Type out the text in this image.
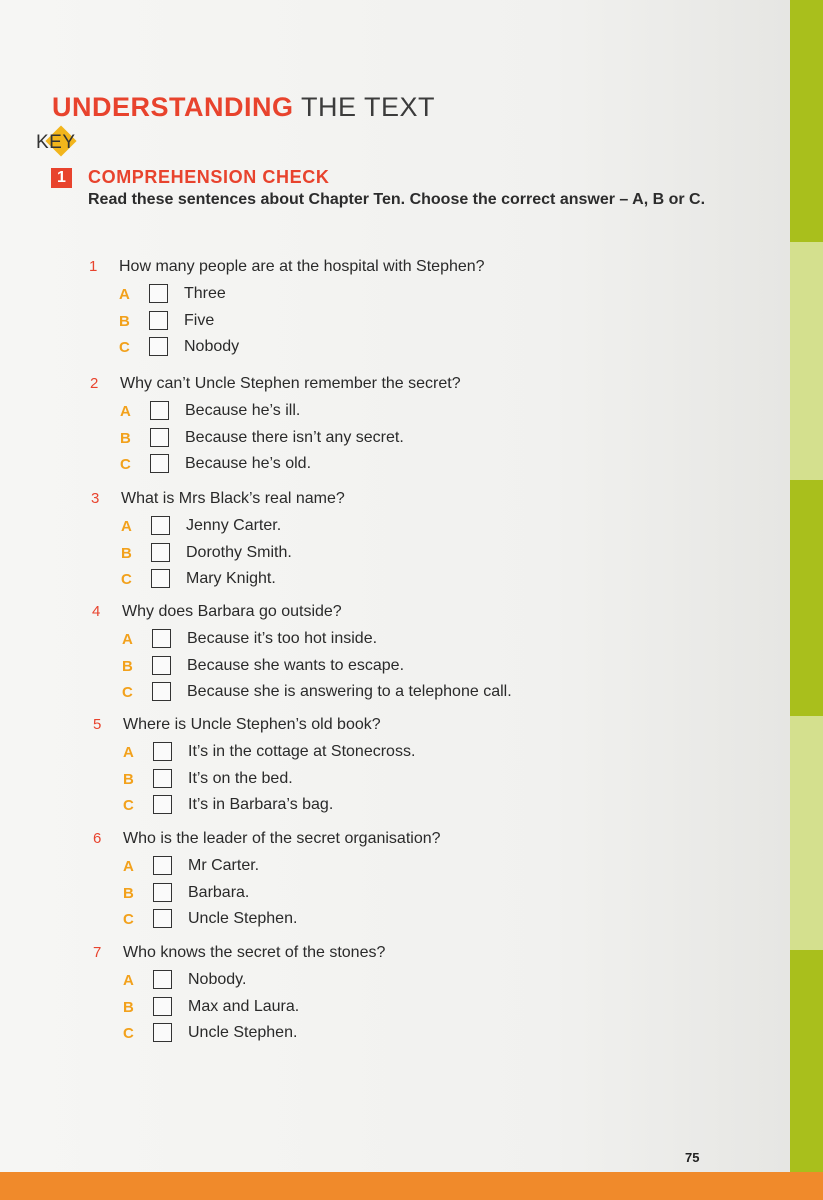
UNDERSTANDING THE TEXT
KEY
1	COMPREHENSION CHECK
Read these sentences about Chapter Ten. Choose the correct answer – A, B or C.
1 How many people are at the hospital with Stephen?
A	Three
B	Five
C	Nobody
2 Why can’t Uncle Stephen remember the secret?
A	Because he’s ill.
B	Because there isn’t any secret.
C	Because he’s old.
3 What is Mrs Black’s real name?
A	Jenny Carter.
B	Dorothy Smith.
C	Mary Knight.
4 Why does Barbara go outside?
A	Because it’s too hot inside.
B	Because she wants to escape.
C	Because she is answering to a telephone call.
5 Where is Uncle Stephen’s old book?
A	It’s in the cottage at Stonecross.
B	It’s on the bed.
C	It’s in Barbara’s bag.
6 Who is the leader of the secret organisation?
A	Mr Carter.
B	Barbara.
C	Uncle Stephen.
7 Who knows the secret of the stones?
A	Nobody.
B	Max and Laura.
C	Uncle Stephen.
75
